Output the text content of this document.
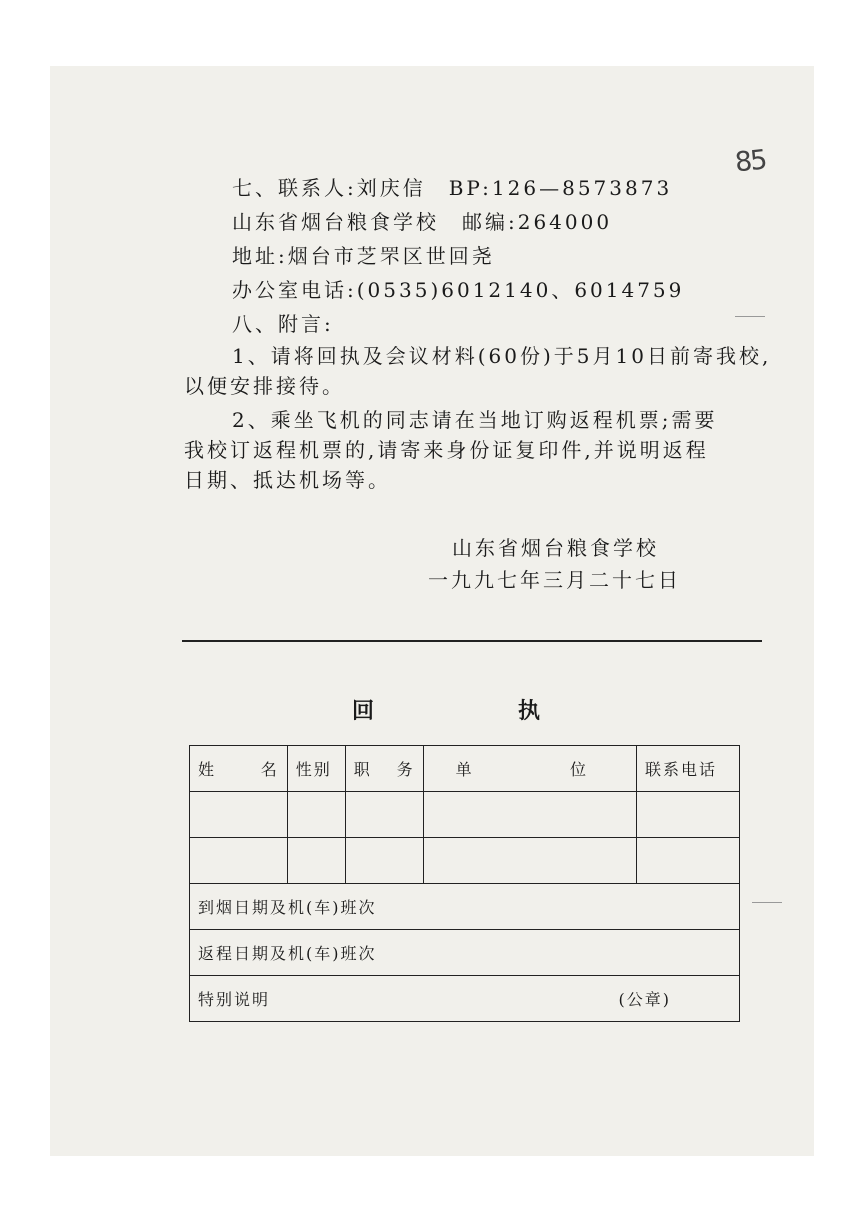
85
七、联系人:刘庆信　BP:126—8573873
山东省烟台粮食学校　邮编:264000
地址:烟台市芝罘区世回尧
办公室电话:(0535)6012140、6014759
八、附言:
1、请将回执及会议材料(60份)于5月10日前寄我校,
以便安排接待。
2、乘坐飞机的同志请在当地订购返程机票;需要
我校订返程机票的,请寄来身份证复印件,并说明返程
日期、抵达机场等。
山东省烟台粮食学校
一九九七年三月二十七日
回	执
姓 名	性别	职 务	单 位	联系电话

到烟日期及机(车)班次				
返程日期及机(车)班次				
特别说明 (公章)				
